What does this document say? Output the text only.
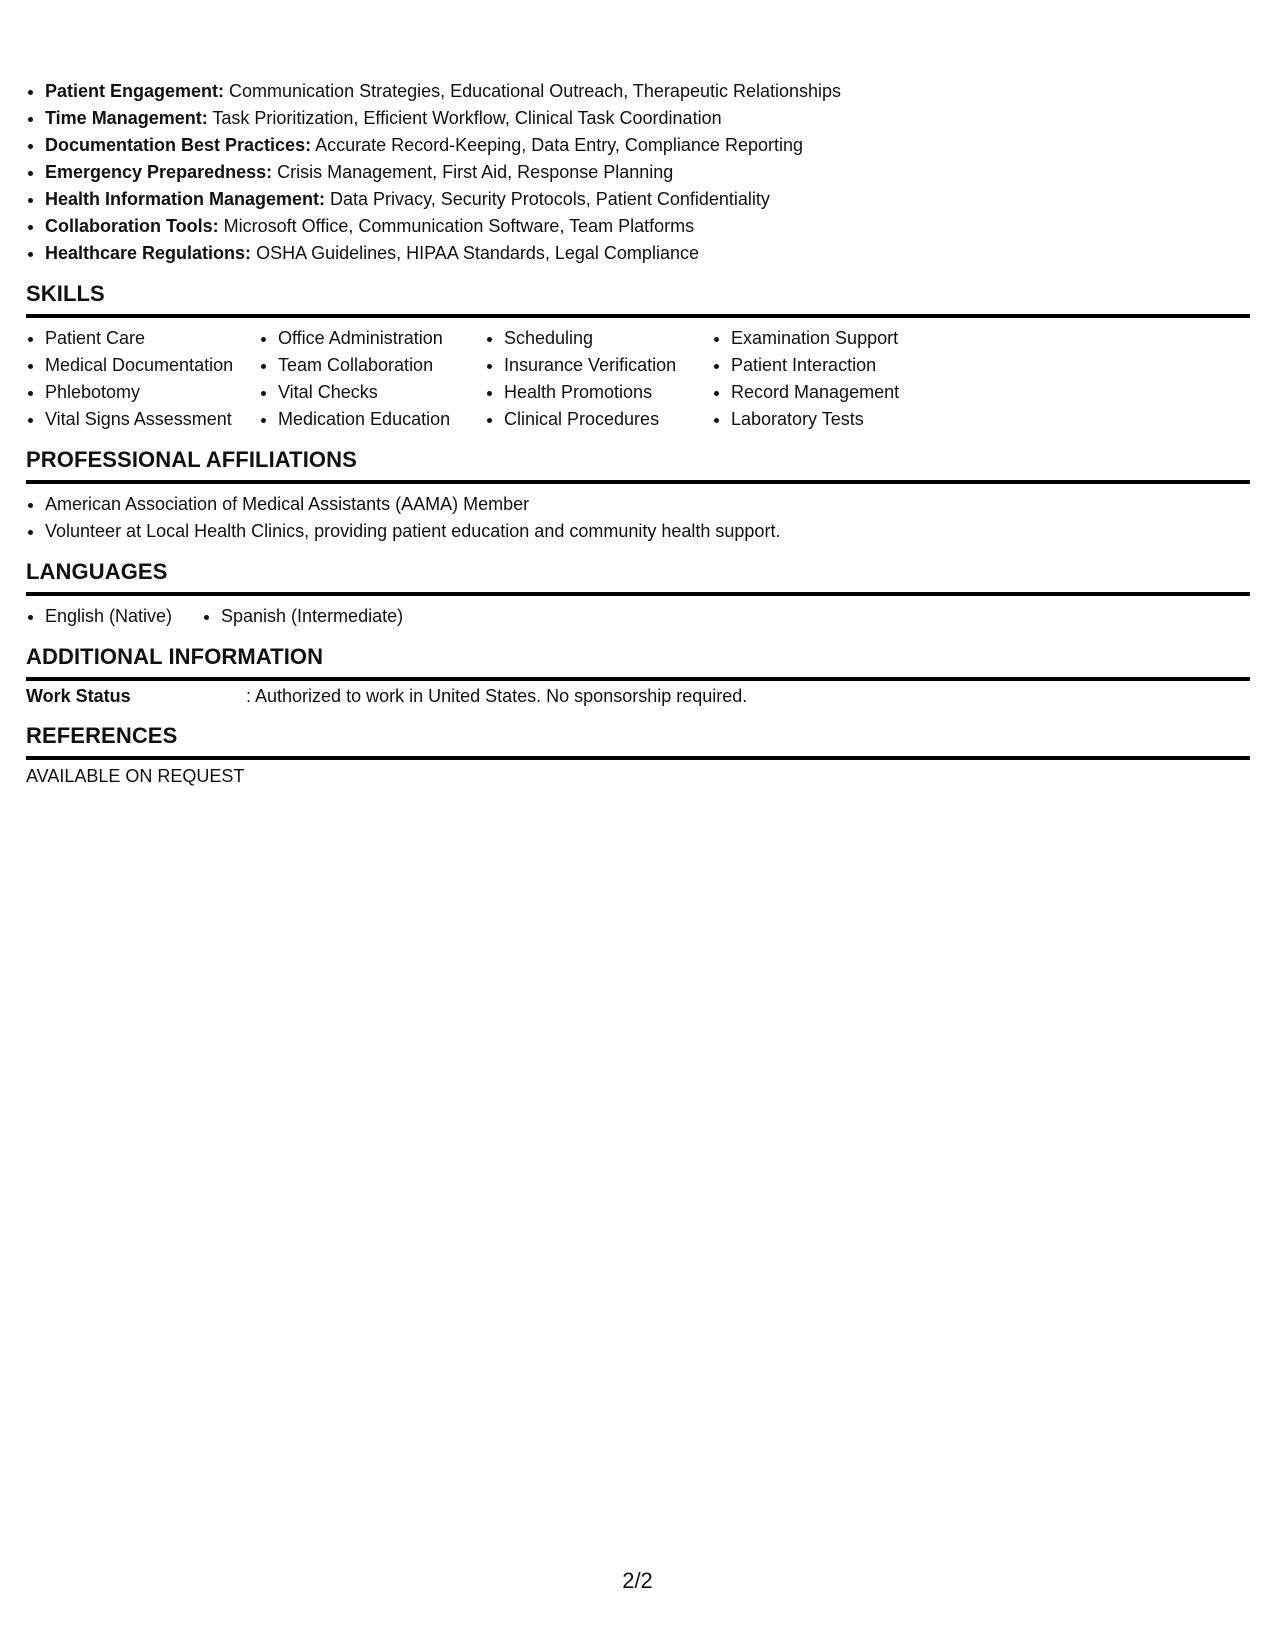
• Patient Engagement: Communication Strategies, Educational Outreach, Therapeutic Relationships
• Time Management: Task Prioritization, Efficient Workflow, Clinical Task Coordination
• Documentation Best Practices: Accurate Record-Keeping, Data Entry, Compliance Reporting
• Emergency Preparedness: Crisis Management, First Aid, Response Planning
• Health Information Management: Data Privacy, Security Protocols, Patient Confidentiality
• Collaboration Tools: Microsoft Office, Communication Software, Team Platforms
• Healthcare Regulations: OSHA Guidelines, HIPAA Standards, Legal Compliance
SKILLS
• Patient Care
• Medical Documentation
• Phlebotomy
• Vital Signs Assessment
• Office Administration
• Team Collaboration
• Vital Checks
• Medication Education
• Scheduling
• Insurance Verification
• Health Promotions
• Clinical Procedures
• Examination Support
• Patient Interaction
• Record Management
• Laboratory Tests
PROFESSIONAL AFFILIATIONS
• American Association of Medical Assistants (AAMA) Member
• Volunteer at Local Health Clinics, providing patient education and community health support.
LANGUAGES
• English (Native)
•	Spanish (Intermediate)
ADDITIONAL INFORMATION
Work Status	: Authorized to work in United States. No sponsorship required.
REFERENCES
AVAILABLE ON REQUEST
2/2
